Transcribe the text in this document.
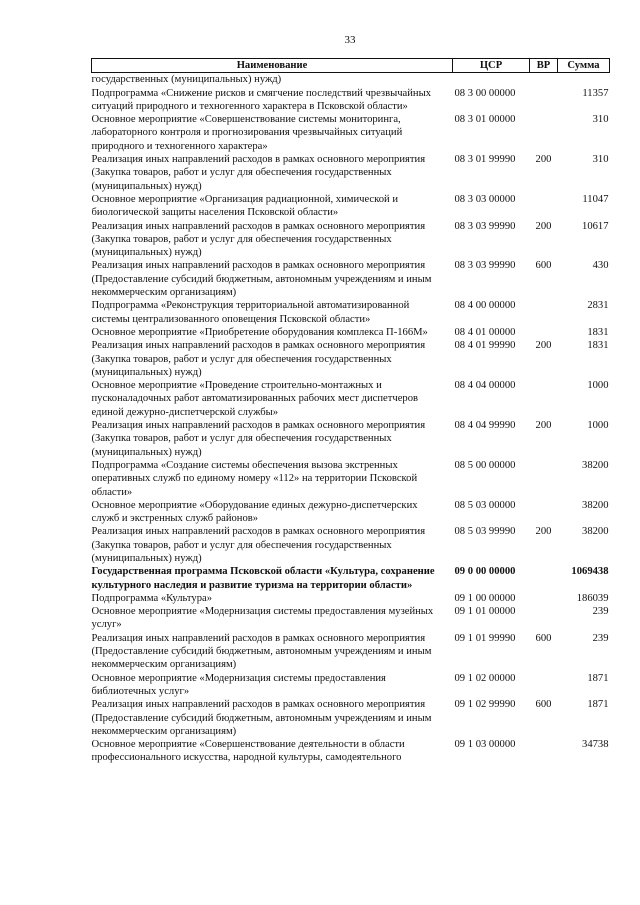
33
Наименование	ЦСР	ВР	Сумма
государственных (муниципальных) нужд)			
Подпрограмма «Снижение рисков и смягчение последствий чрезвычайных ситуаций природного и техногенного характера в Псковской области»	08 3 00 00000		11357
Основное мероприятие «Совершенствование системы мониторинга, лабораторного контроля и прогнозирования чрезвычайных ситуаций природного и техногенного характера»	08 3 01 00000		310
Реализация иных направлений расходов в рамках основного мероприятия (Закупка товаров, работ и услуг для обеспечения государственных (муниципальных) нужд)	08 3 01 99990	200	310
Основное мероприятие «Организация радиационной, химической и биологической защиты населения Псковской области»	08 3 03 00000		11047
Реализация иных направлений расходов в рамках основного мероприятия (Закупка товаров, работ и услуг для обеспечения государственных (муниципальных) нужд)	08 3 03 99990	200	10617
Реализация иных направлений расходов в рамках основного мероприятия (Предоставление субсидий бюджетным, автономным учреждениям и иным некоммерческим организациям)	08 3 03 99990	600	430
Подпрограмма «Реконструкция территориальной автоматизированной системы централизованного оповещения Псковской области»	08 4 00 00000		2831
Основное мероприятие «Приобретение оборудования комплекса П-166М»	08 4 01 00000		1831
Реализация иных направлений расходов в рамках основного мероприятия (Закупка товаров, работ и услуг для обеспечения государственных (муниципальных) нужд)	08 4 01 99990	200	1831
Основное мероприятие «Проведение строительно-монтажных и пусконаладочных работ автоматизированных рабочих мест диспетчеров единой дежурно-диспетчерской службы»	08 4 04 00000		1000
Реализация иных направлений расходов в рамках основного мероприятия (Закупка товаров, работ и услуг для обеспечения государственных (муниципальных) нужд)	08 4 04 99990	200	1000
Подпрограмма «Создание системы обеспечения вызова экстренных оперативных служб по единому номеру «112» на территории Псковской области»	08 5 00 00000		38200
Основное мероприятие «Оборудование единых дежурно-диспетчерских служб и экстренных служб районов»	08 5 03 00000		38200
Реализация иных направлений расходов в рамках основного мероприятия (Закупка товаров, работ и услуг для обеспечения государственных (муниципальных) нужд)	08 5 03 99990	200	38200
Государственная программа Псковской области «Культура, сохранение культурного наследия и развитие туризма на территории области»	09 0 00 00000		1069438
Подпрограмма «Культура»	09 1 00 00000		186039
Основное мероприятие «Модернизация системы предоставления музейных услуг»	09 1 01 00000		239
Реализация иных направлений расходов в рамках основного мероприятия (Предоставление субсидий бюджетным, автономным учреждениям и иным некоммерческим организациям)	09 1 01 99990	600	239
Основное мероприятие «Модернизация системы предоставления библиотечных услуг»	09 1 02 00000		1871
Реализация иных направлений расходов в рамках основного мероприятия (Предоставление субсидий бюджетным, автономным учреждениям и иным некоммерческим организациям)	09 1 02 99990	600	1871
Основное мероприятие «Совершенствование деятельности в области профессионального искусства, народной культуры, самодеятельного	09 1 03 00000		34738
